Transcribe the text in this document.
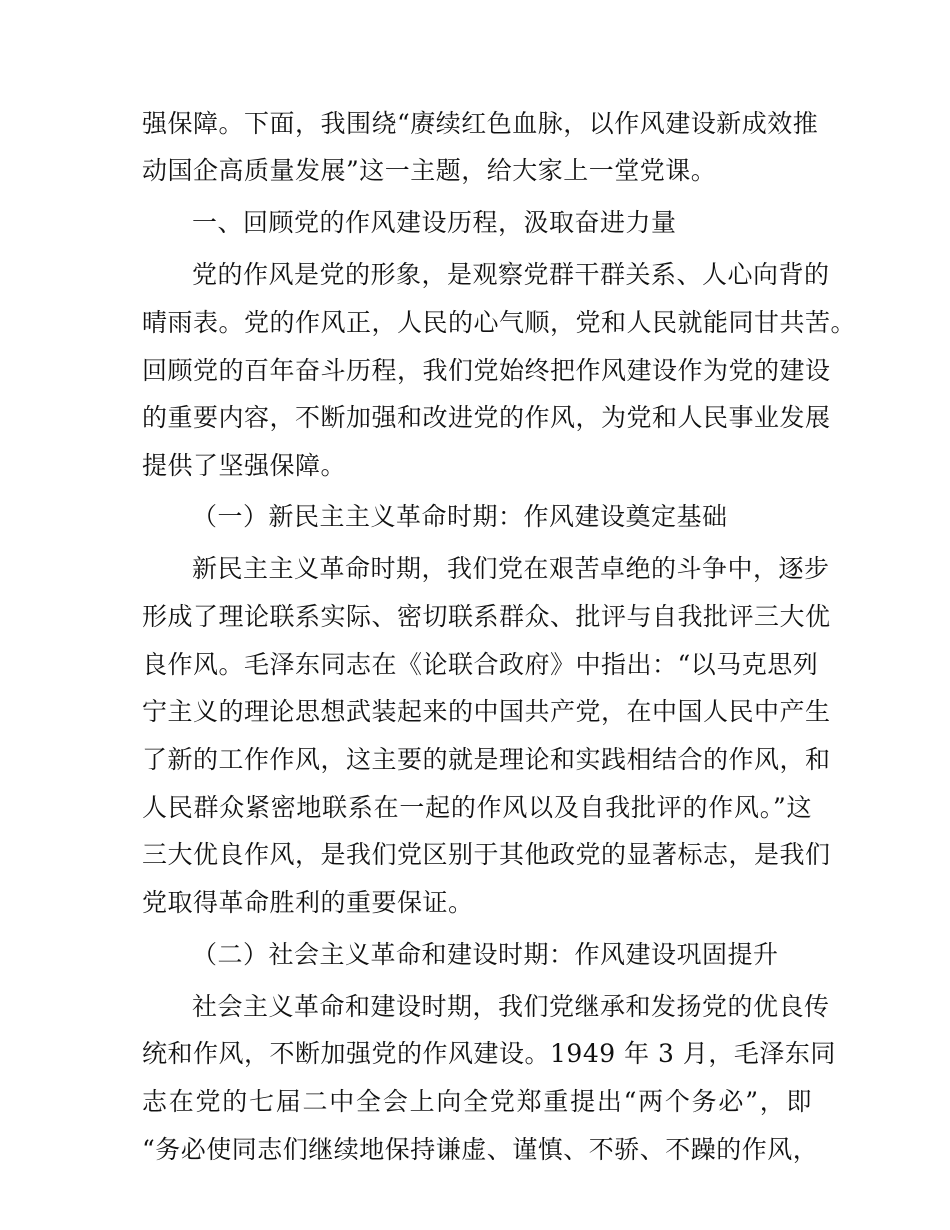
强保障。下面，我围绕“赓续红色血脉，以作风建设新成效推
动国企高质量发展”这一主题，给大家上一堂党课。
一、回顾党的作风建设历程，汲取奋进力量
党的作风是党的形象，是观察党群干群关系、人心向背的
晴雨表。党的作风正，人民的心气顺，党和人民就能同甘共苦。
回顾党的百年奋斗历程，我们党始终把作风建设作为党的建设
的重要内容，不断加强和改进党的作风，为党和人民事业发展
提供了坚强保障。
（一）新民主主义革命时期：作风建设奠定基础
新民主主义革命时期，我们党在艰苦卓绝的斗争中，逐步
形成了理论联系实际、密切联系群众、批评与自我批评三大优
良作风。毛泽东同志在《论联合政府》中指出：“以马克思列
宁主义的理论思想武装起来的中国共产党，在中国人民中产生
了新的工作作风，这主要的就是理论和实践相结合的作风，和
人民群众紧密地联系在一起的作风以及自我批评的作风。”这
三大优良作风，是我们党区别于其他政党的显著标志，是我们
党取得革命胜利的重要保证。
（二）社会主义革命和建设时期：作风建设巩固提升
社会主义革命和建设时期，我们党继承和发扬党的优良传
统和作风，不断加强党的作风建设。1949 年 3 月，毛泽东同
志在党的七届二中全会上向全党郑重提出“两个务必”，即
“务必使同志们继续地保持谦虚、谨慎、不骄、不躁的作风，
